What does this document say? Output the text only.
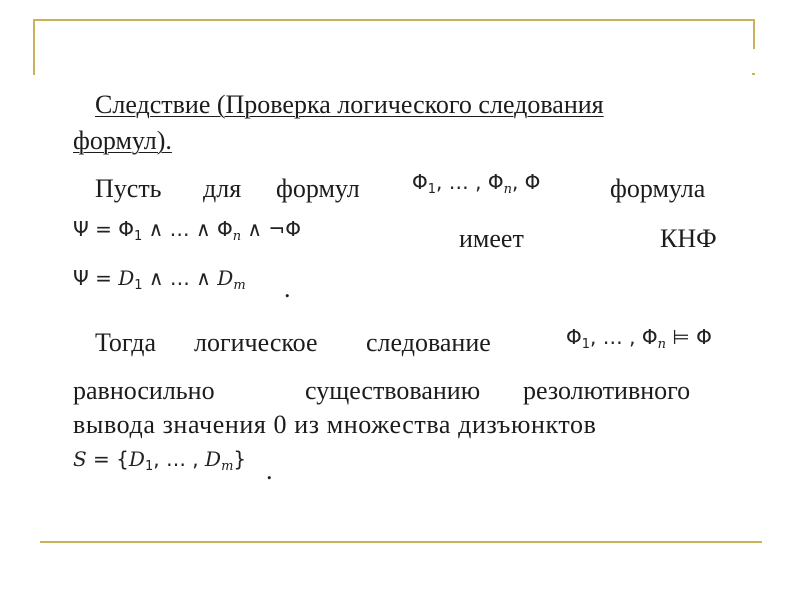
Следствие (Проверка логического следования
формул).
Пусть для формул	$\Phi_1$, … , $\Phi_n$, Φ	формула
$\Psi = \Phi_1$ ∧ … ∧ $\Phi_n$ ∧ ¬Φ	имеет	КНФ
$\Psi = D_1$ ∧ … ∧ $D_m$ .
Тогда логическое следование	$\Phi_1$, … , $\Phi_n$ ⊨ Φ
равносильно	существованию резолютивного
вывода значения 0 из множества дизъюнктов
$S = \{D_1$, … , $D_m$} .
